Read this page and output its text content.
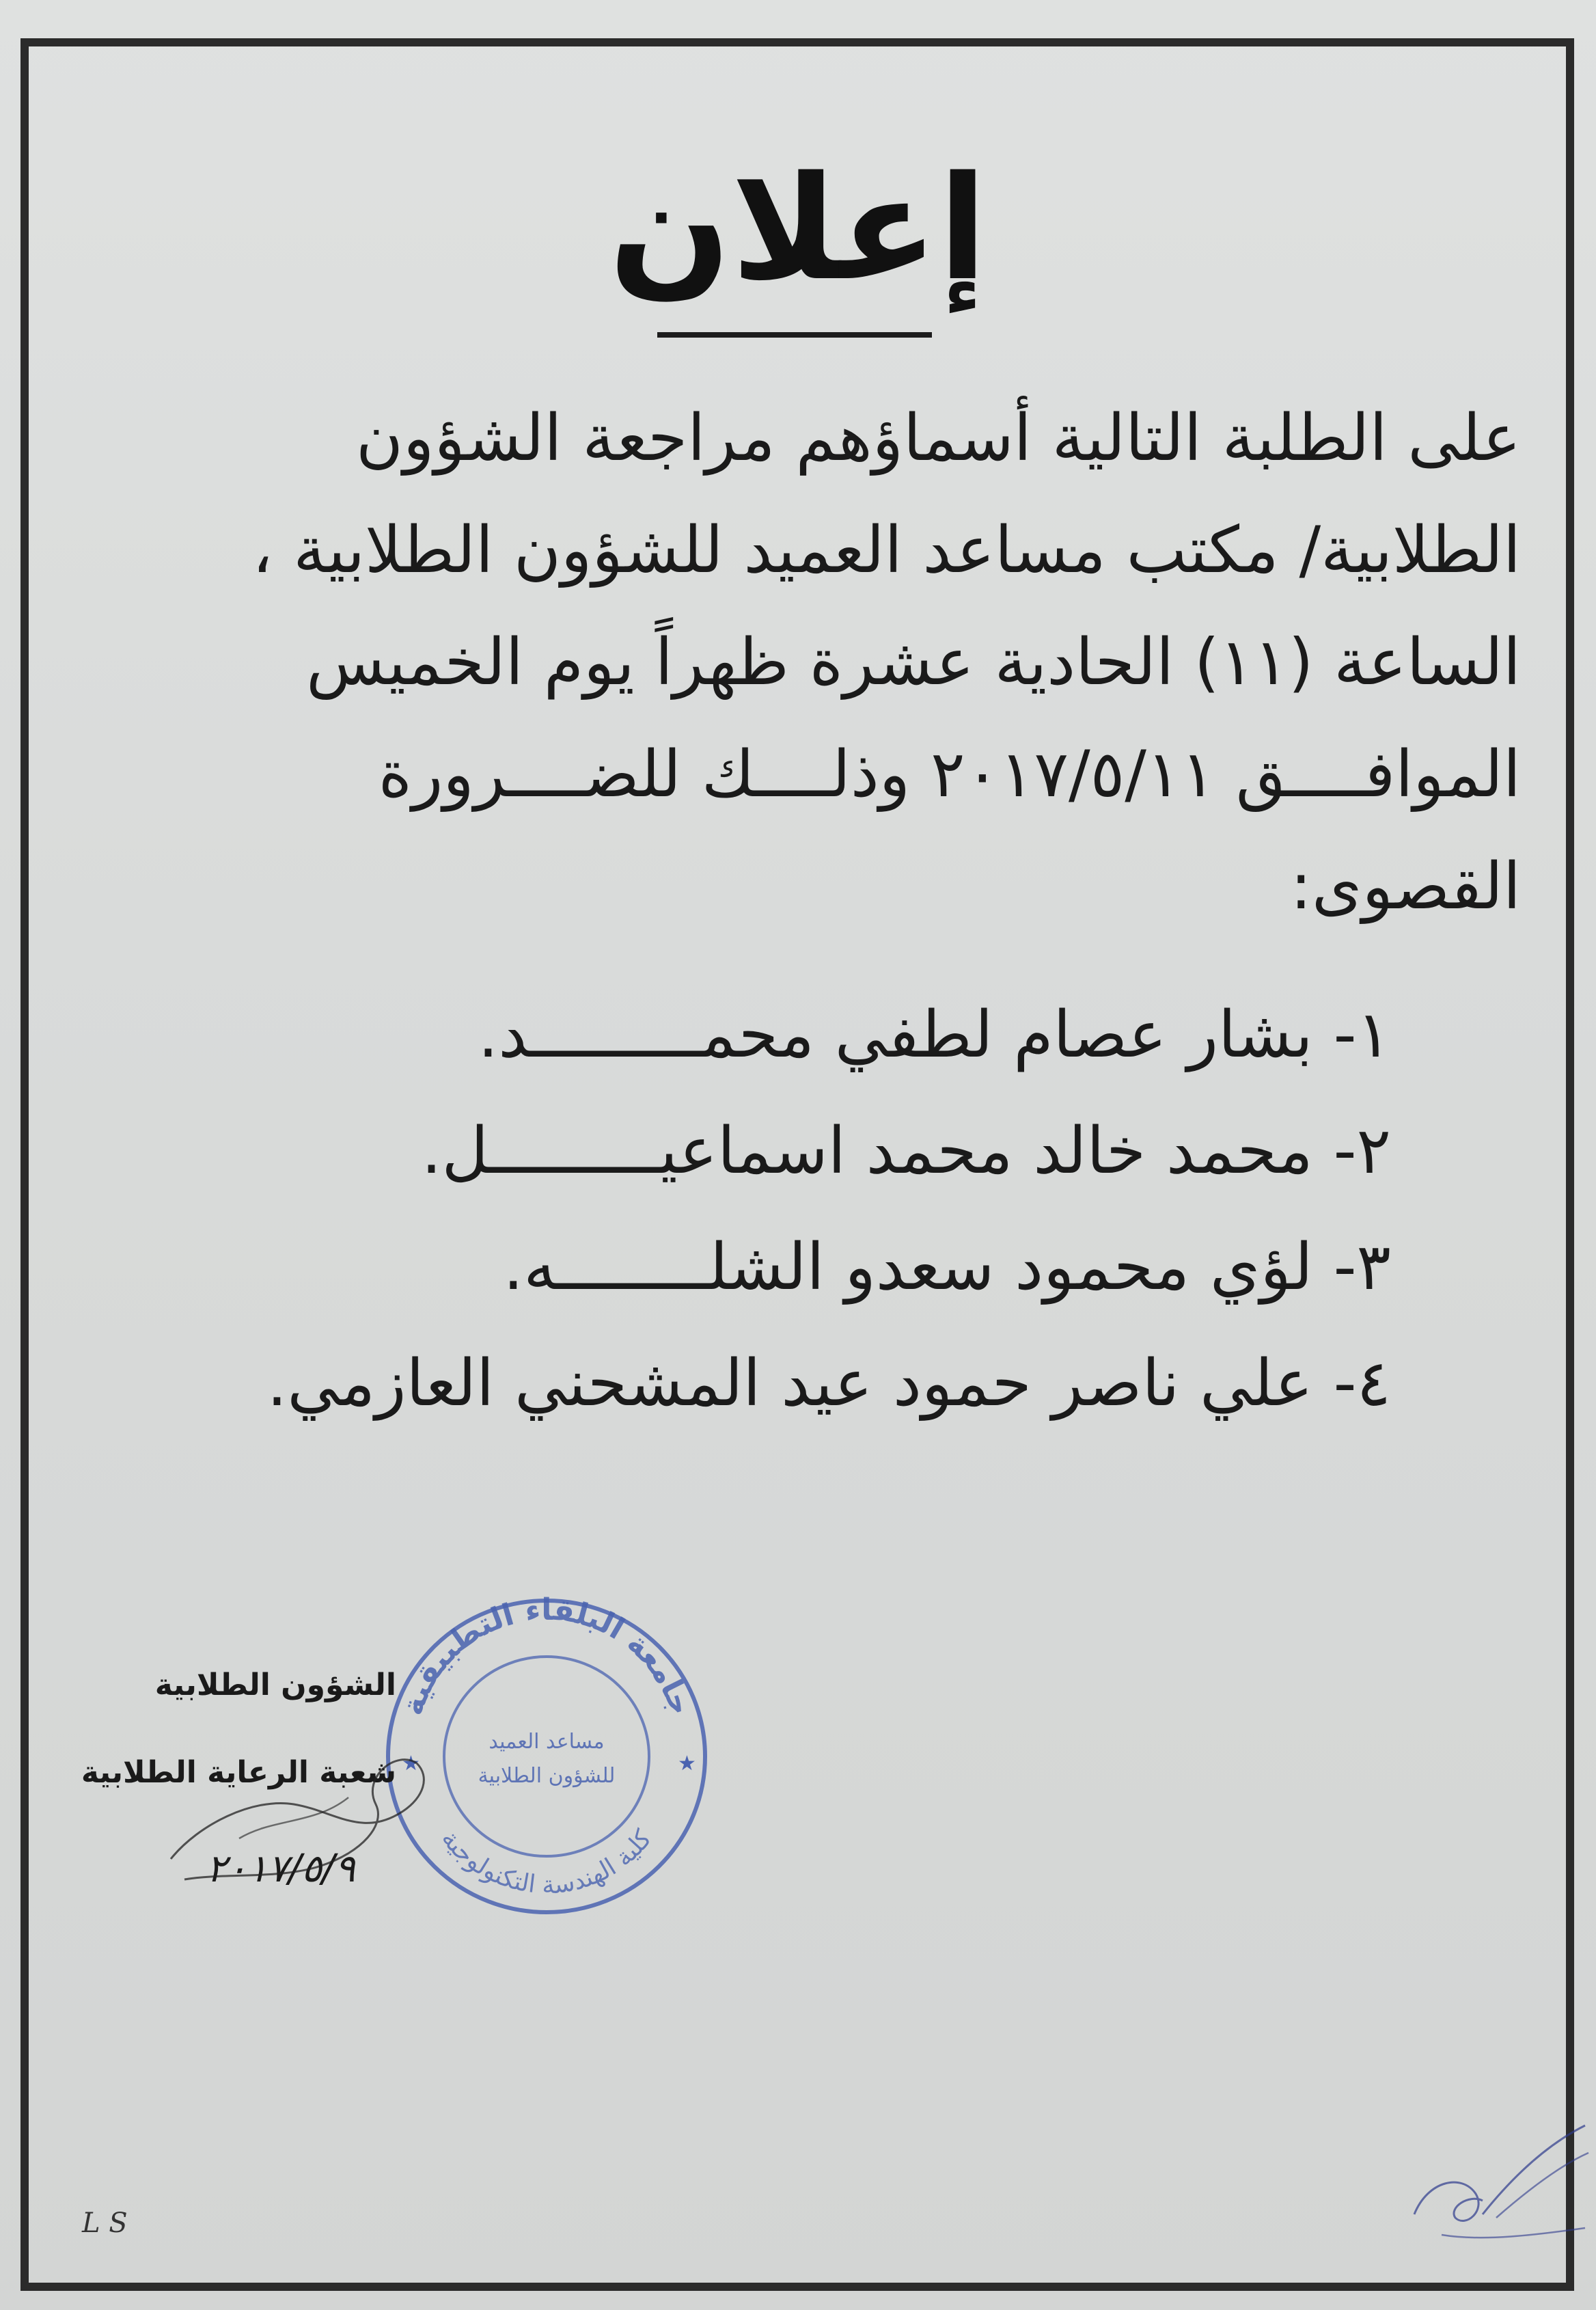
إعلان
على الطلبة التالية أسماؤهم مراجعة الشؤون
الطلابية/ مكتب مساعد العميد للشؤون الطلابية ،
الساعة (١١) الحادية عشرة ظهراً يوم الخميس
الموافــــق ٢٠١٧/٥/١١ وذلــــك للضــــرورة
القصوى:
١- بشار عصام لطفي محمـــــــــد.
٢- محمد خالد محمد اسماعيـــــــــل.
٣- لؤي محمود سعدو الشلــــــــه.
٤- علي ناصر حمود عيد المشحني العازمي.
جامعة البلقاء التطبيقية
كلية الهندسة التكنولوجية
مساعد العميد
للشؤون الطلابية
★	★
الشؤون الطلابية
شعبة الرعاية الطلابية
٢٠١٧/٥/٩
L S
